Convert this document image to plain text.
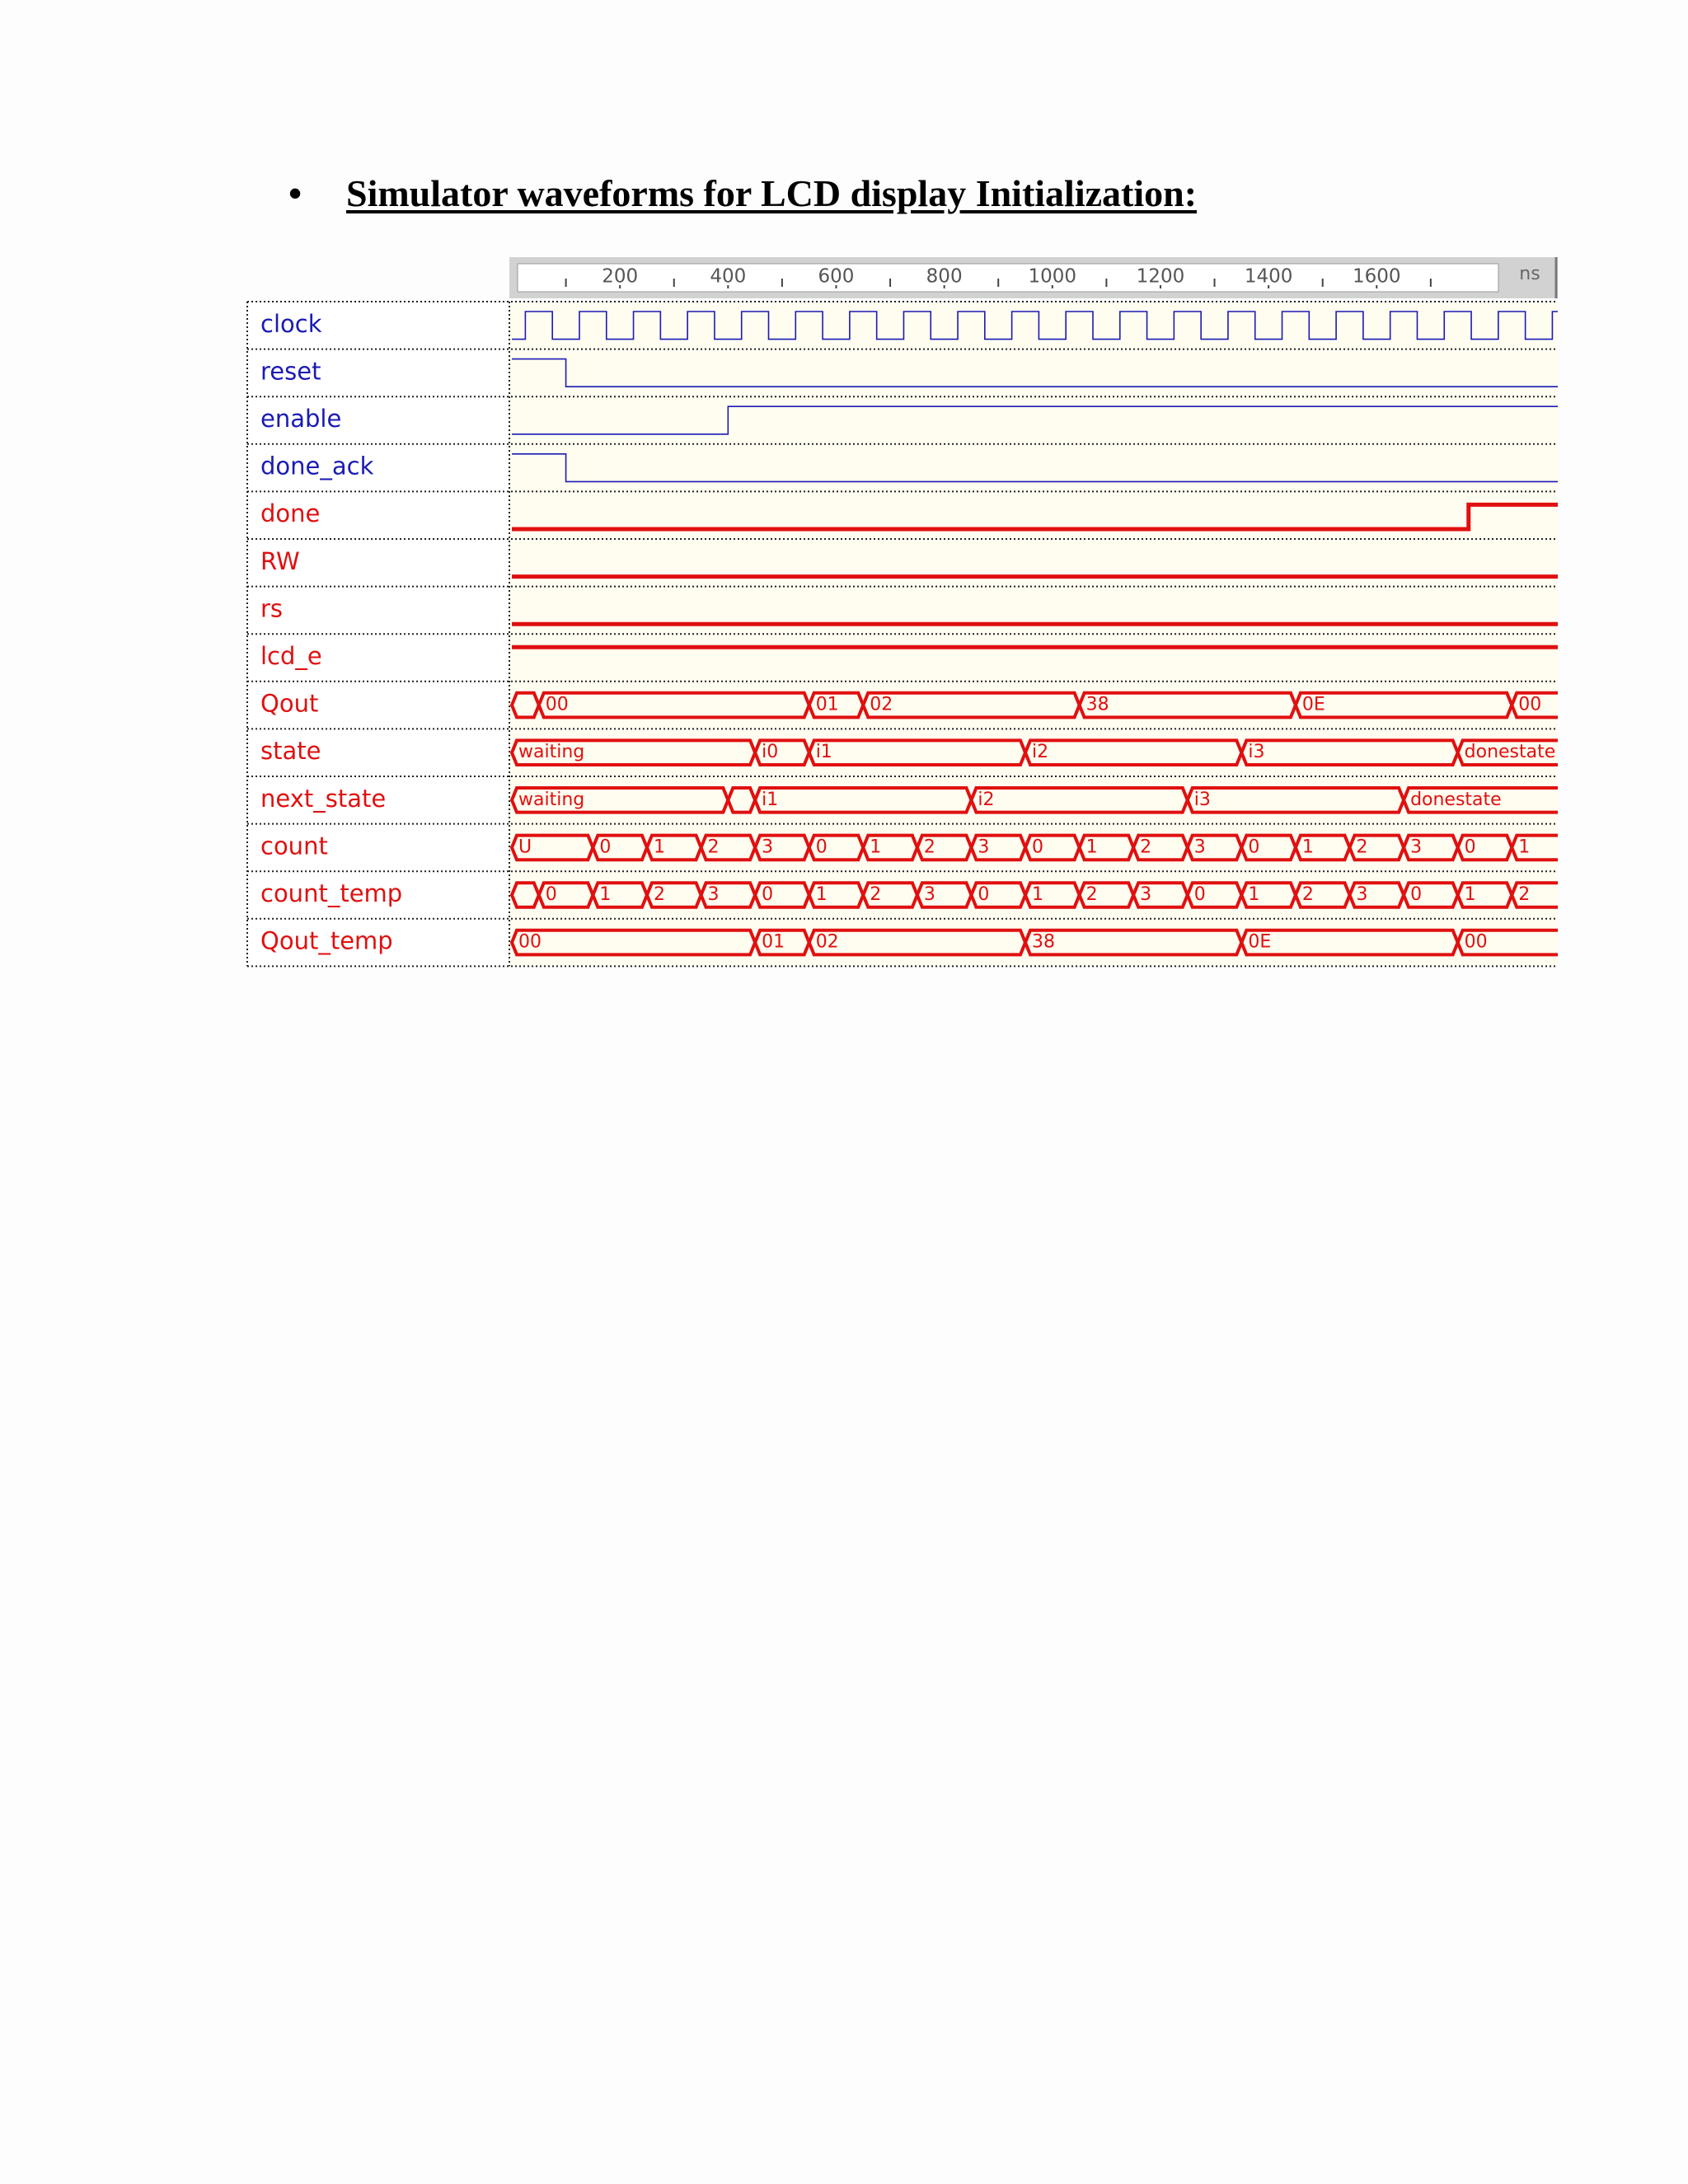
• Simulator waveforms for LCD display Initialization:
200	400	600	800	1000	1200	1400	1600	ns
clock
reset
enable
done_ack
done
RW
rs
lcd_e
Qout	00	01 02	38	0E	00
state	waiting	i0 i1	i2	i3	donestate
next_state	waiting	i1	i2	i3	donestate
count	U	0 1 2 3 0 1 2 3 0 1 2 3 0 1 2 3 0 1
count_temp	0 1 2 3 0 1 2 3 0 1 2 3 0 1 2 3 0 1 2
Qout_temp	00	01 02	38	0E	00
